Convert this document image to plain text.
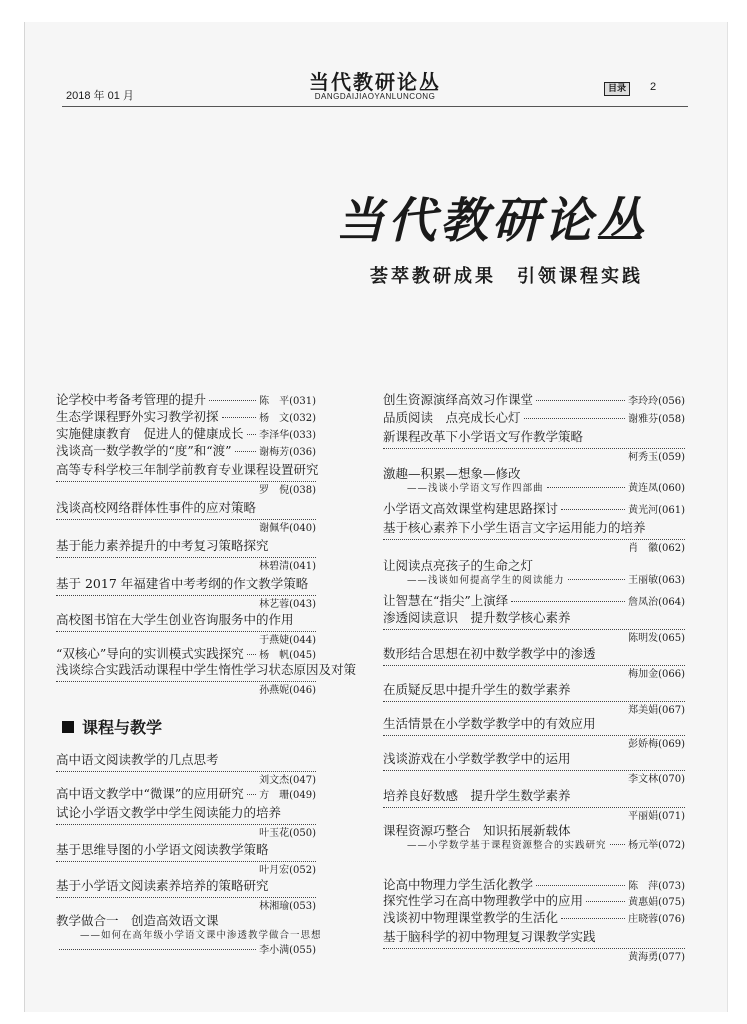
2018 年 01 月
当代教研论丛
DANGDAIJIAOYANLUNCONG
目录	2
当代教研论丛
荟萃教研成果　引领课程实践
课程与教学
论学校中考备考管理的提升	陈　平(031)
生态学课程野外实习教学初探	杨　文(032)
实施健康教育　促进人的健康成长 李泽华(033)
浅谈高一数学教学的“度”和“渡”	谢梅芳(036)
高等专科学校三年制学前教育专业课程设置研究
罗　倪(038)
浅谈高校网络群体性事件的应对策略
谢佩华(040)
基于能力素养提升的中考复习策略探究
林碧清(041)
基于 2017 年福建省中考考纲的作文教学策略
林艺蓉(043)
高校图书馆在大学生创业咨询服务中的作用
于燕婕(044)
“双核心”导向的实训模式实践探究 杨　帆(045)
浅谈综合实践活动课程中学生惰性学习状态原因及对策
孙燕妮(046)
高中语文阅读教学的几点思考
刘文杰(047)
高中语文教学中“微课”的应用研究 方　珊(049)
试论小学语文教学中学生阅读能力的培养
叶玉花(050)
基于思维导图的小学语文阅读教学策略
叶月宏(052)
基于小学语文阅读素养培养的策略研究
林湘瑜(053)
教学做合一　创造高效语文课
——如何在高年级小学语文课中渗透教学做合一思想
李小满(055)
创生资源演绎高效习作课堂	李玲玲(056)
品质阅读　点亮成长心灯	谢雅芬(058)
新课程改革下小学语文写作教学策略
柯秀玉(059)
激趣—积累—想象—修改
——浅谈小学语文写作四部曲	黄连凤(060)
小学语文高效课堂构建思路探讨	黄光河(061)
基于核心素养下小学生语言文字运用能力的培养
肖　徽(062)
让阅读点亮孩子的生命之灯
——浅谈如何提高学生的阅读能力	王丽敏(063)
让智慧在“指尖”上演绎	詹凤治(064)
渗透阅读意识　提升数学核心素养
陈明发(065)
数形结合思想在初中数学教学中的渗透
梅加金(066)
在质疑反思中提升学生的数学素养
郑美娟(067)
生活情景在小学数学教学中的有效应用
彭娇梅(069)
浅谈游戏在小学数学教学中的运用
李文林(070)
培养良好数感　提升学生数学素养
平丽娟(071)
课程资源巧整合　知识拓展新载体
——小学数学基于课程资源整合的实践研究 杨元举(072)
论高中物理力学生活化教学	陈　萍(073)
探究性学习在高中物理教学中的应用	黄惠娟(075)
浅谈初中物理课堂教学的生活化	庄晓蓉(076)
基于脑科学的初中物理复习课教学实践
黄海勇(077)
